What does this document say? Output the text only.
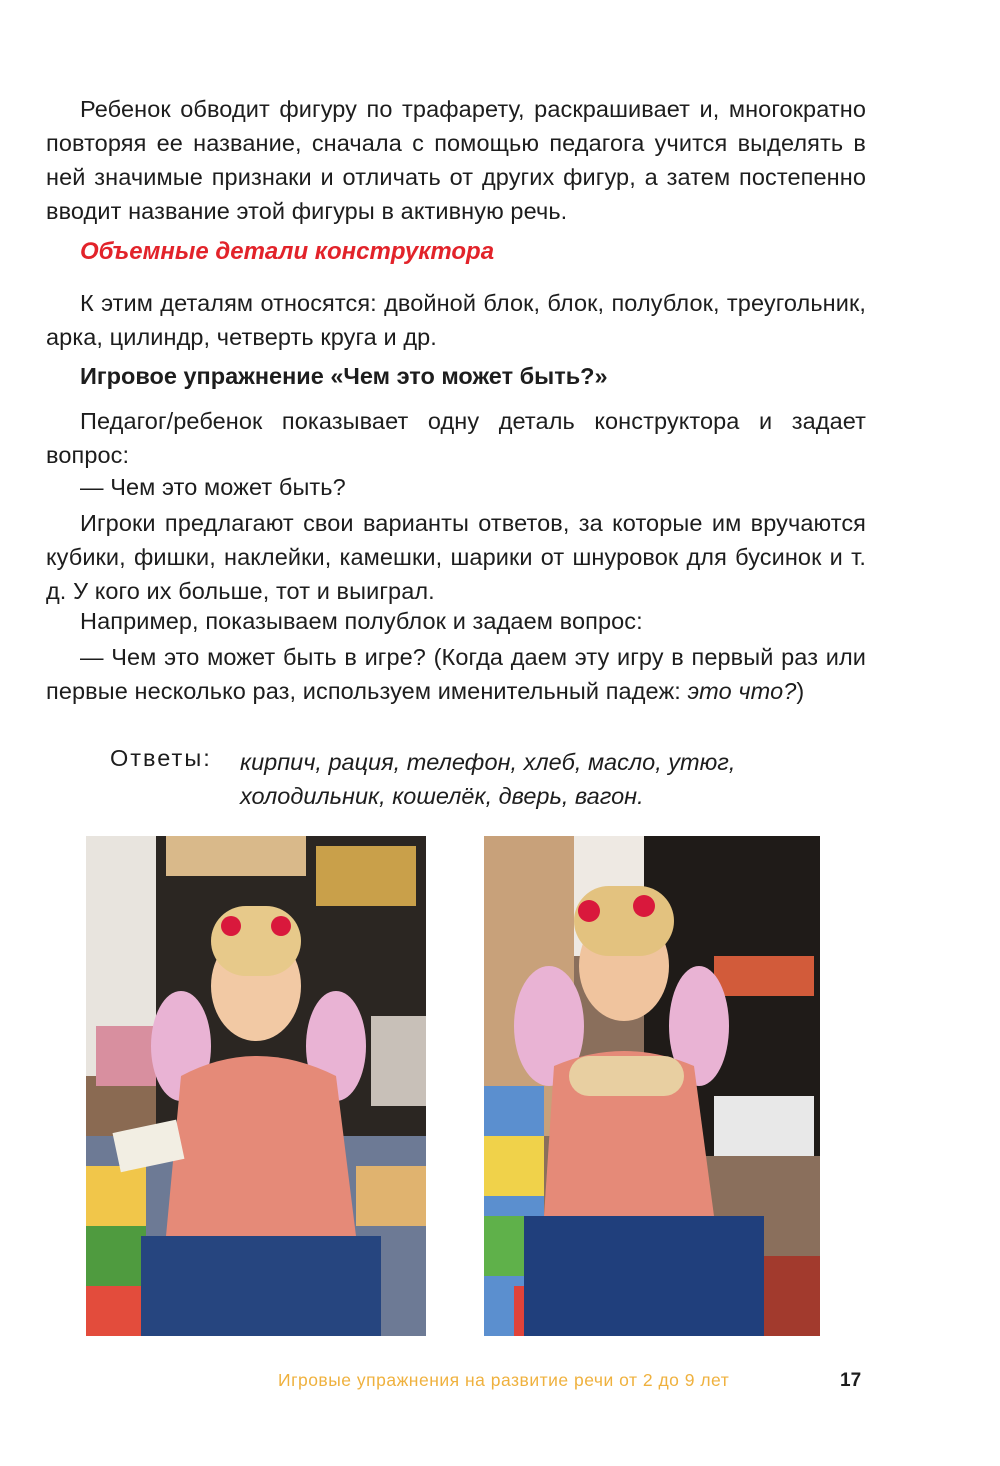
Ребенок обводит фигуру по трафарету, раскрашивает и, многократно повторяя ее название, сначала с помощью педагога учится выделять в ней значимые признаки и отличать от других фигур, а затем постепенно вводит название этой фигуры в активную речь.

Объемные детали конструктора

К этим деталям относятся: двойной блок, блок, полублок, треугольник, арка, цилиндр, четверть круга и др.

Игровое упражнение «Чем это может быть?»

Педагог/ребенок показывает одну деталь конструктора и задает вопрос:

— Чем это может быть?

Игроки предлагают свои варианты ответов, за которые им вручаются кубики, фишки, наклейки, камешки, шарики от шнуровок для бусинок и т. д. У кого их больше, тот и выиграл.

Например, показываем полублок и задаем вопрос:

— Чем это может быть в игре? (Когда даем эту игру в первый раз или первые несколько раз, используем именительный падеж: это что?)

Ответы: кирпич, рация, телефон, хлеб, масло, утюг, холодильник, кошелёк, дверь, вагон.
Игровые упражнения на развитие речи от 2 до 9 лет	17
